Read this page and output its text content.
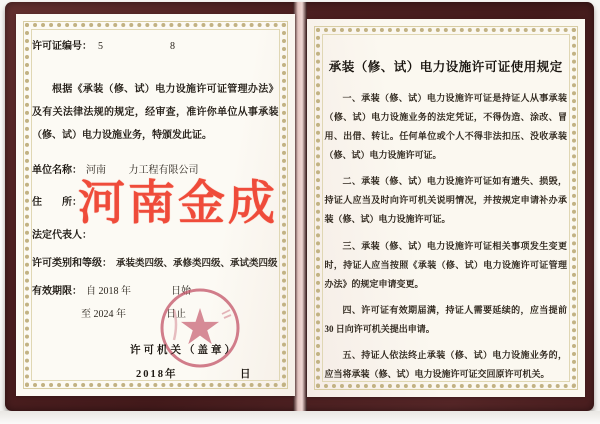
许可证编号： 5　　　　　　8

根据《承装（修、试）电力设施许可证管理办法》及有关法律法规的规定，经审查，准许你单位从事承装（修、试）电力设施业务，特颁发此证。

单位名称： 河南　　 力工程有限公司
住　　所：
法定代表人：
许可类别和等级： 承装类四级、承修类四级、承试类四级
有效期限： 自 2018 年　　　　日始
至 2024 年　　　　日止
许可机关（盖章）
2018年　　　　　日
河南金成
承装（修、试）电力设施许可证使用规定

一、承装（修、试）电力设施许可证是持证人从事承装（修、试）电力设施业务的法定凭证，不得伪造、涂改、冒用、出借、转让。任何单位或个人不得非法扣压、没收承装（修、试）电力设施许可证。

二、承装（修、试）电力设施许可证如有遗失、损毁，持证人应当及时向许可机关说明情况，并按规定申请补办承装（修、试）电力设施许可证。

三、承装（修、试）电力设施许可证相关事项发生变更时，持证人应当按照《承装（修、试）电力设施许可证管理办法》的规定申请变更。

四、许可证有效期届满，持证人需要延续的，应当提前 30 日向许可机关提出申请。

五、持证人依法终止承装（修、试）电力设施业务的，应当将承装（修、试）电力设施许可证交回原许可机关。
